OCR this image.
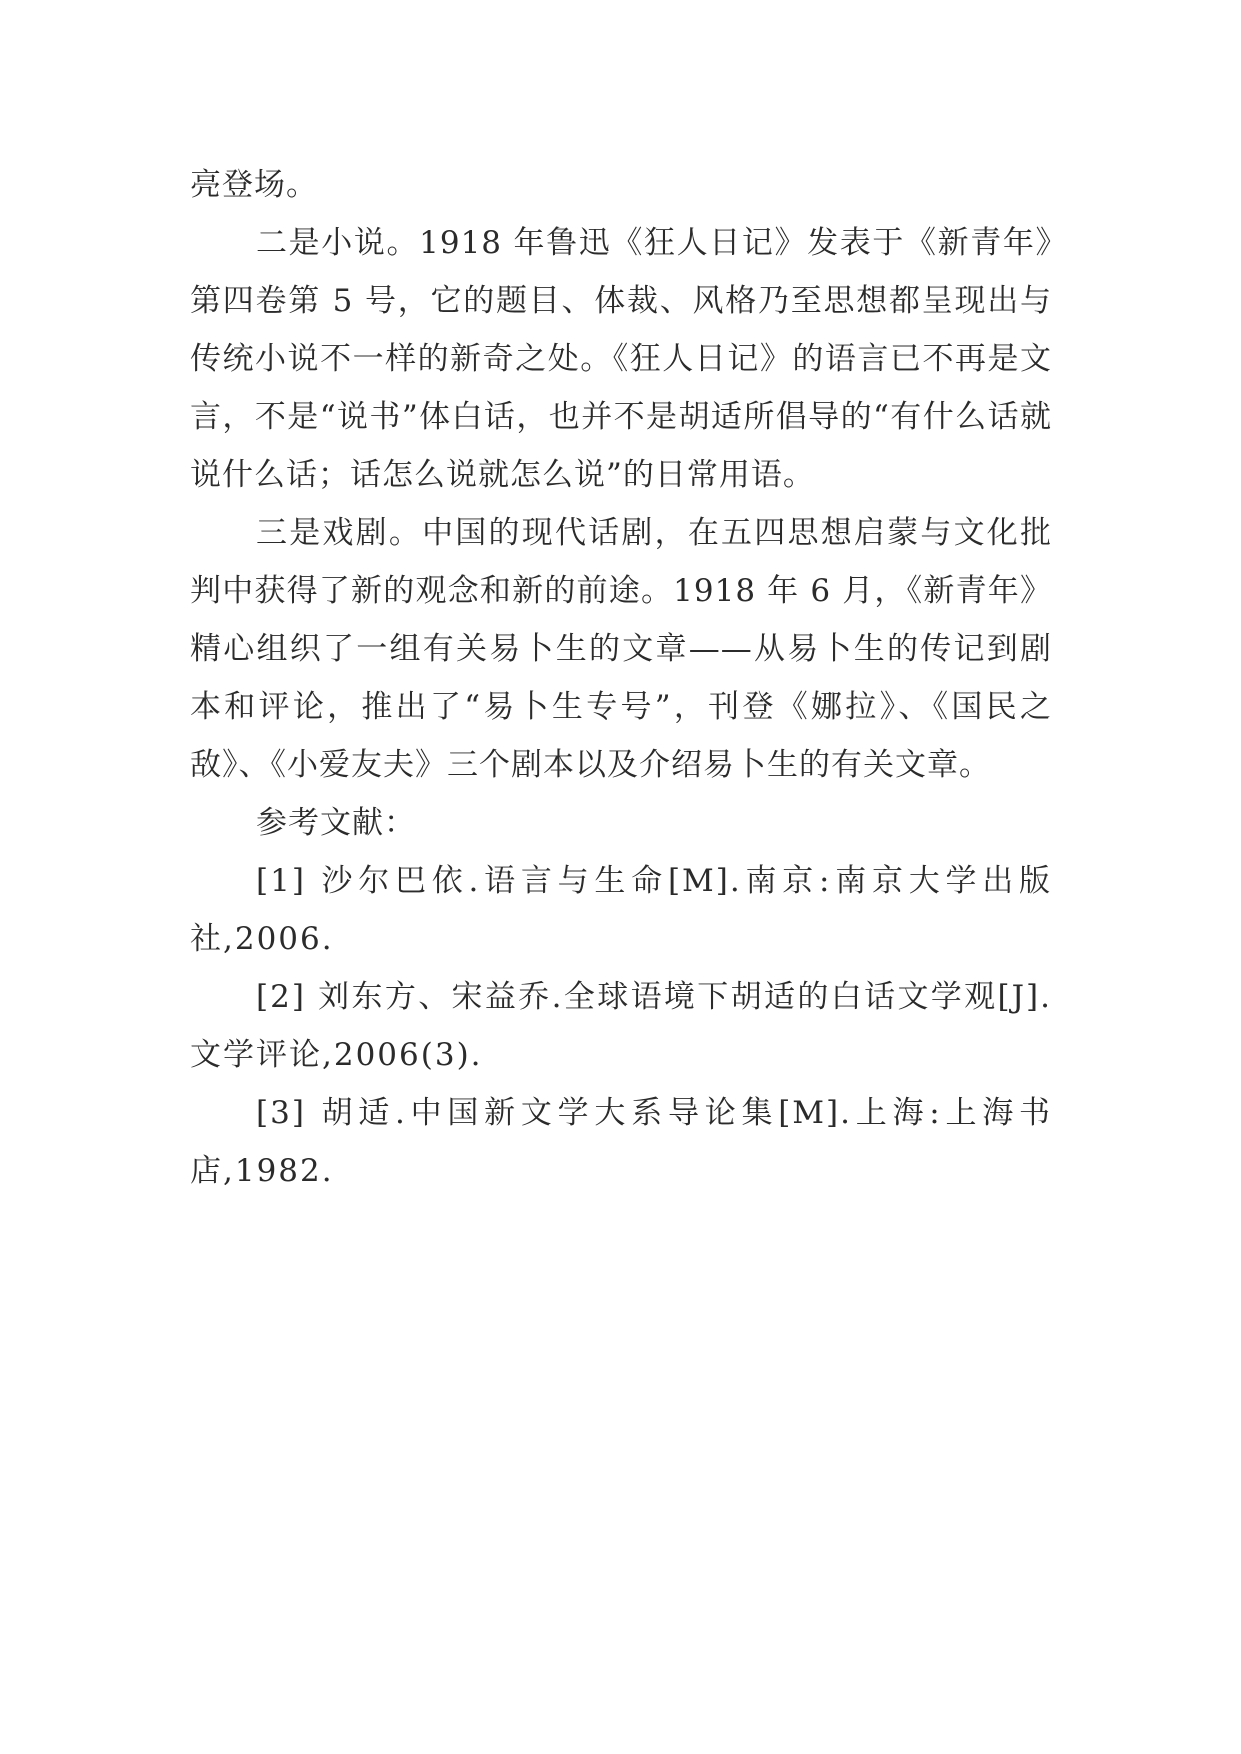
亮登场。

二是小说。1918 年鲁迅《狂人日记》发表于《新青年》第四卷第 5 号，它的题目、体裁、风格乃至思想都呈现出与传统小说不一样的新奇之处。《狂人日记》的语言已不再是文言，不是“说书”体白话，也并不是胡适所倡导的“有什么话就说什么话；话怎么说就怎么说”的日常用语。

三是戏剧。中国的现代话剧，在五四思想启蒙与文化批判中获得了新的观念和新的前途。1918 年 6 月，《新青年》精心组织了一组有关易卜生的文章——从易卜生的传记到剧本和评论，推出了“易卜生专号”，刊登《娜拉》、《国民之敌》、《小爱友夫》三个剧本以及介绍易卜生的有关文章。

参考文献：

[1] 沙尔巴依.语言与生命[M].南京:南京大学出版社,2006.

[2] 刘东方、宋益乔.全球语境下胡适的白话文学观[J].文学评论,2006(3).

[3] 胡适.中国新文学大系导论集[M].上海:上海书店,1982.
